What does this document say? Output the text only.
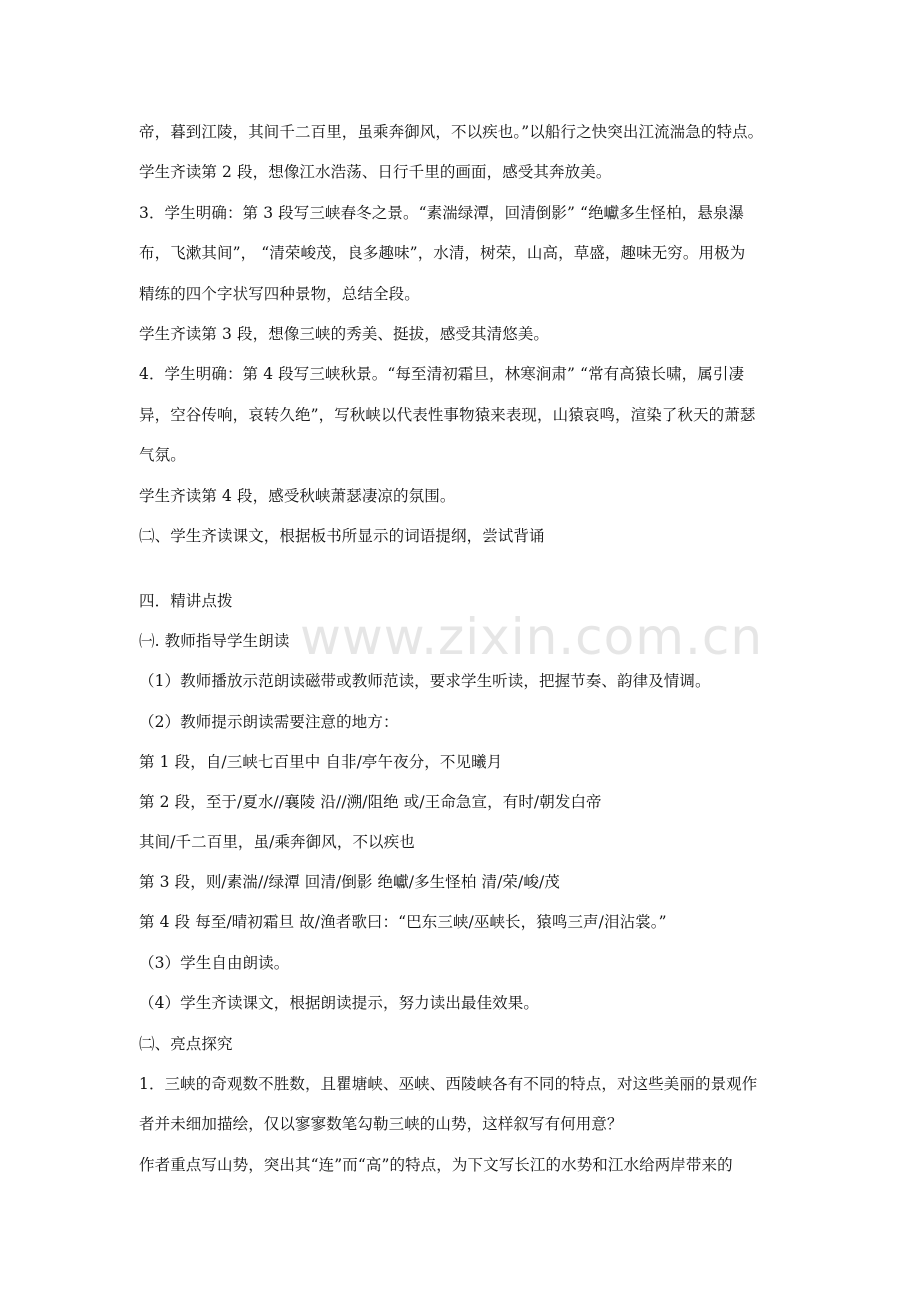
www.zixin.com.cn
帝，暮到江陵，其间千二百里，虽乘奔御风，不以疾也。”以船行之快突出江流湍急的特点。
学生齐读第 2 段，想像江水浩荡、日行千里的画面，感受其奔放美。
3．学生明确：第 3 段写三峡春冬之景。“素湍绿潭，回清倒影” “绝巘多生怪柏，悬泉瀑
布，飞漱其间”， “清荣峻茂，良多趣味”，水清，树荣，山高，草盛，趣味无穷。用极为
精练的四个字状写四种景物，总结全段。
学生齐读第 3 段，想像三峡的秀美、挺拔，感受其清悠美。
4．学生明确：第 4 段写三峡秋景。“每至清初霜旦，林寒涧肃” “常有高猿长啸，属引凄
异，空谷传响，哀转久绝”，写秋峡以代表性事物猿来表现，山猿哀鸣，渲染了秋天的萧瑟
气氛。
学生齐读第 4 段，感受秋峡萧瑟凄凉的氛围。
㈡、学生齐读课文，根据板书所显示的词语提纲，尝试背诵
四．精讲点拨
㈠. 教师指导学生朗读
（1）教师播放示范朗读磁带或教师范读，要求学生听读，把握节奏、韵律及情调。
（2）教师提示朗读需要注意的地方：
第 1 段，自/三峡七百里中 自非/亭午夜分，不见曦月
第 2 段，至于/夏水//襄陵 沿//溯/阻绝 或/王命急宣，有时/朝发白帝
其间/千二百里，虽/乘奔御风，不以疾也
第 3 段，则/素湍//绿潭 回清/倒影 绝巘/多生怪柏 清/荣/峻/茂
第 4 段 每至/晴初霜旦 故/渔者歌曰：“巴东三峡/巫峡长，猿鸣三声/泪沾裳。”
（3）学生自由朗读。
（4）学生齐读课文，根据朗读提示，努力读出最佳效果。
㈡、亮点探究
1．三峡的奇观数不胜数，且瞿塘峡、巫峡、西陵峡各有不同的特点，对这些美丽的景观作
者并未细加描绘，仅以寥寥数笔勾勒三峡的山势，这样叙写有何用意？
作者重点写山势，突出其“连”而“高”的特点，为下文写长江的水势和江水给两岸带来的
